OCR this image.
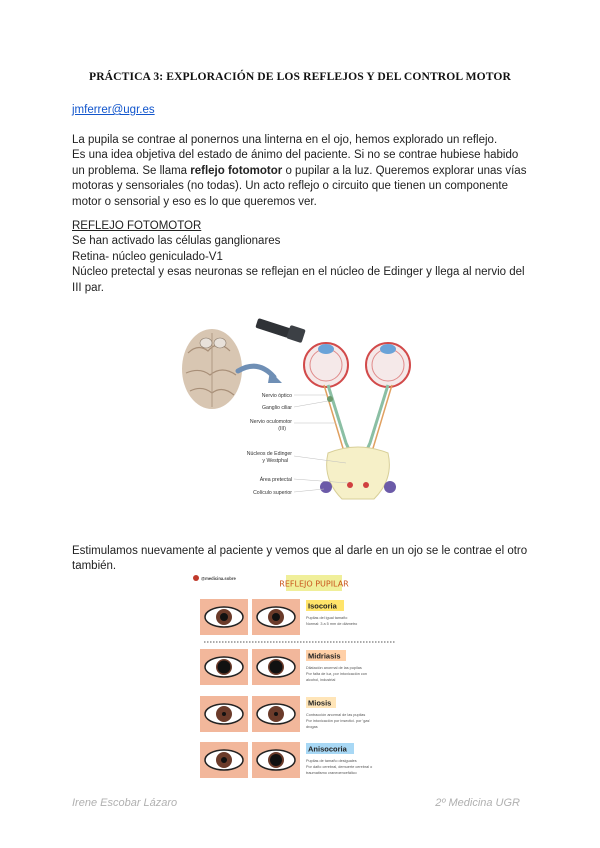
PRÁCTICA 3: EXPLORACIÓN DE LOS REFLEJOS Y DEL CONTROL MOTOR
jmferrer@ugr.es
La pupila se contrae al ponernos una linterna en el ojo, hemos explorado un reflejo.
Es una idea objetiva del estado de ánimo del paciente. Si no se contrae hubiese habido un problema. Se llama reflejo fotomotor o pupilar a la luz. Queremos explorar unas vías motoras y sensoriales (no todas). Un acto reflejo o circuito que tienen un componente motor o sensorial y eso es lo que queremos ver.
REFLEJO FOTOMOTOR
Se han activado las células ganglionares
Retina- núcleo geniculado-V1
Núcleo pretectal y esas neuronas se reflejan en el núcleo de Edinger y llega al nervio del III par.
Nervio óptico
Ganglio ciliar
Nervio oculomotor
(III)
Núcleos de Edinger
y Westphal
Área pretectal
Colículo superior
Estimulamos nuevamente al paciente y vemos que al darle en un ojo se le contrae el otro también.
@medicina.sobre
REFLEJO PUPILAR
Isocoria
Pupilas del igual tamaño
Normal: 3 a 5 mm de diámetro
Midriasis
Dilatación anormal de las pupilas
Por falta de luz, por intoxicación con
alcohol, industrial
Miosis
Contracción anormal de las pupilas
Por intoxicación por insectici. por 'gas'
drogas
Anisocoria
Pupilas de tamaño desiguales
Por daño cerebral, demuerte cerebral o
traumatismo craneoencefálico
Irene Escobar Lázaro	2º Medicina UGR
